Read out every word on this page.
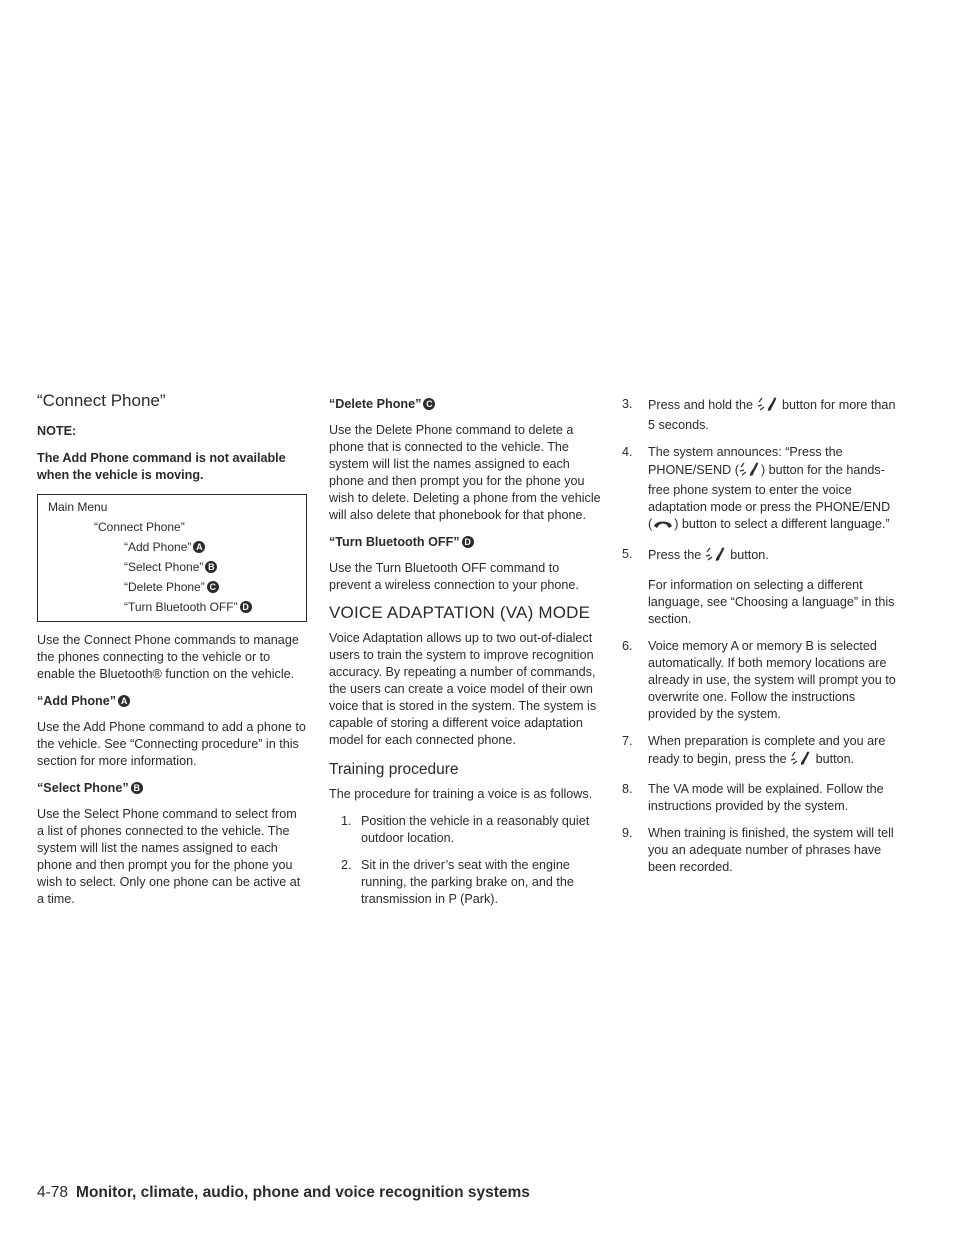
“Connect Phone”

NOTE:

The Add Phone command is not available when the vehicle is moving.

Main Menu
“Connect Phone”
“Add Phone” A
“Select Phone” B
“Delete Phone” C
“Turn Bluetooth OFF” D

Use the Connect Phone commands to manage the phones connecting to the vehicle or to enable the Bluetooth® function on the vehicle.

“Add Phone” A

Use the Add Phone command to add a phone to the vehicle. See “Connecting procedure” in this section for more information.

“Select Phone” B

Use the Select Phone command to select from a list of phones connected to the vehicle. The system will list the names assigned to each phone and then prompt you for the phone you wish to select. Only one phone can be active at a time.

“Delete Phone” C

Use the Delete Phone command to delete a phone that is connected to the vehicle. The system will list the names assigned to each phone and then prompt you for the phone you wish to delete. Deleting a phone from the vehicle will also delete that phonebook for that phone.

“Turn Bluetooth OFF” D

Use the Turn Bluetooth OFF command to prevent a wireless connection to your phone.

VOICE ADAPTATION (VA) MODE

Voice Adaptation allows up to two out-of-dialect users to train the system to improve recognition accuracy. By repeating a number of commands, the users can create a voice model of their own voice that is stored in the system. The system is capable of storing a different voice adaptation model for each connected phone.

Training procedure

The procedure for training a voice is as follows.

1. Position the vehicle in a reasonably quiet outdoor location.
2. Sit in the driver’s seat with the engine running, the parking brake on, and the transmission in P (Park).
3. Press and hold the button for more than 5 seconds.
4. The system announces: “Press the PHONE/SEND ( ) button for the hands-free phone system to enter the voice adaptation mode or press the PHONE/END ( ) button to select a different language.”
5. Press the button.
For information on selecting a different language, see “Choosing a language” in this section.
6. Voice memory A or memory B is selected automatically. If both memory locations are already in use, the system will prompt you to overwrite one. Follow the instructions provided by the system.
7. When preparation is complete and you are ready to begin, press the button.
8. The VA mode will be explained. Follow the instructions provided by the system.
9. When training is finished, the system will tell you an adequate number of phrases have been recorded.
4-78 Monitor, climate, audio, phone and voice recognition systems
